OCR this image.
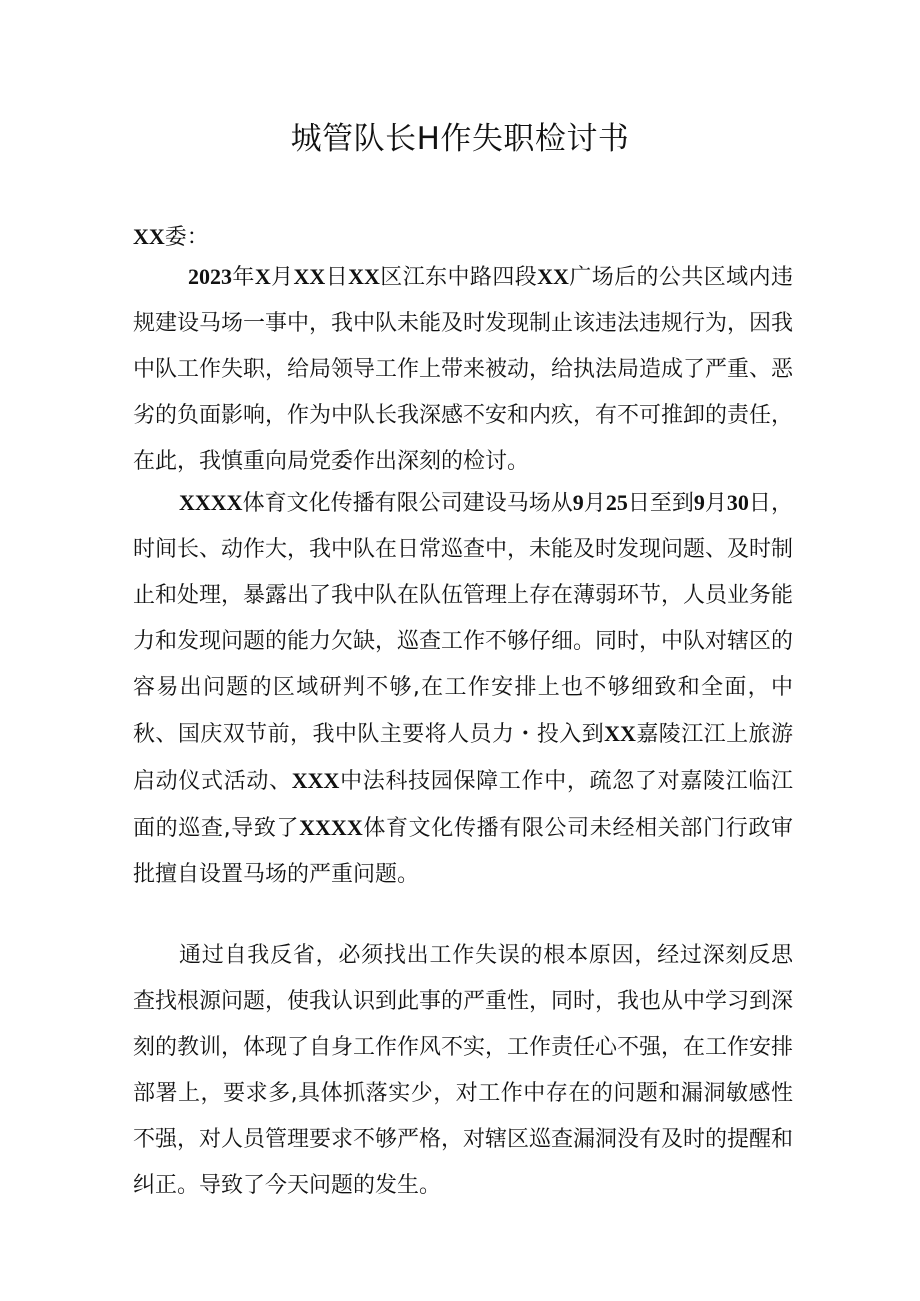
城管队长H作失职检讨书
XX委：

2023年X月XX日XX区江东中路四段XX广场后的公共区域内违规建设马场一事中，我中队未能及时发现制止该违法违规行为，因我中队工作失职，给局领导工作上带来被动，给执法局造成了严重、恶劣的负面影响，作为中队长我深感不安和内疚，有不可推卸的责任，在此，我慎重向局党委作出深刻的检讨。

XXXX体育文化传播有限公司建设马场从9月25日至到9月30日，时间长、动作大，我中队在日常巡查中，未能及时发现问题、及时制止和处理，暴露出了我中队在队伍管理上存在薄弱环节，人员业务能力和发现问题的能力欠缺，巡查工作不够仔细。同时，中队对辖区的容易出问题的区域研判不够,在工作安排上也不够细致和全面，中秋、国庆双节前，我中队主要将人员力・投入到XX嘉陵江江上旅游启动仪式活动、XXX中法科技园保障工作中，疏忽了对嘉陵江临江面的巡查,导致了XXXX体育文化传播有限公司未经相关部门行政审批擅自设置马场的严重问题。

通过自我反省，必须找出工作失误的根本原因，经过深刻反思查找根源问题，使我认识到此事的严重性，同时，我也从中学习到深刻的教训，体现了自身工作作风不实，工作责任心不强，在工作安排部署上，要求多,具体抓落实少，对工作中存在的问题和漏洞敏感性不强，对人员管理要求不够严格，对辖区巡查漏洞没有及时的提醒和纠正。导致了今天问题的发生。
